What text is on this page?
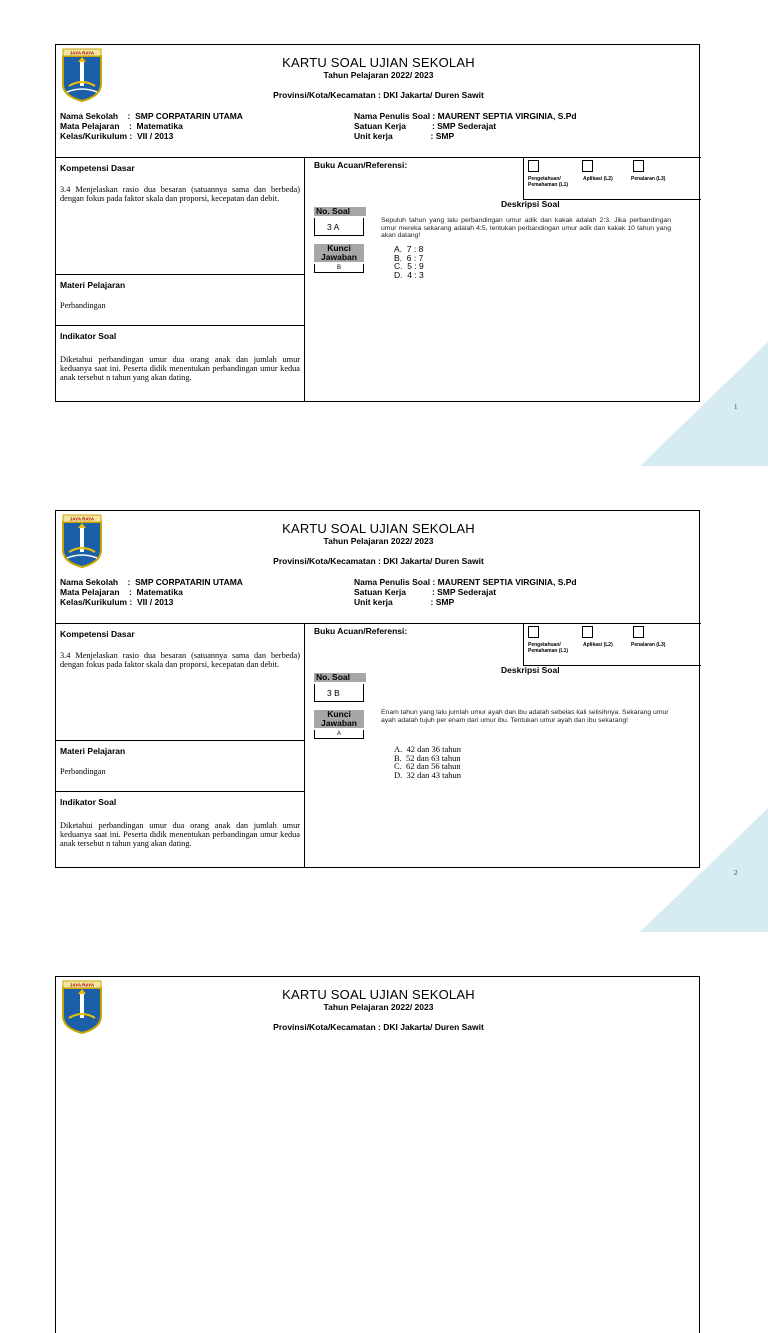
JAYA RAYA
KARTU SOAL UJIAN SEKOLAH
Tahun Pelajaran 2022/ 2023
Provinsi/Kota/Kecamatan : DKI Jakarta/ Duren Sawit
Nama Sekolah    :  SMP CORPATARIN UTAMA
Mata Pelajaran    :  Matematika
Kelas/Kurikulum :  VII / 2013
Nama Penulis Soal : MAURENT SEPTIA VIRGINIA, S.Pd
Satuan Kerja           : SMP Sederajat
Unit kerja                : SMP
Kompetensi Dasar
3.4 Menjelaskan rasio dua besaran (satuannya sama dan berbeda) dengan fokus pada faktor skala dan proporsi, kecepatan dan debit.
Materi Pelajaran
Perbandingan
Indikator Soal
Diketahui perbandingan umur dua orang anak dan jumlah umur keduanya saat ini. Peserta didik menentukan perbandingan umur kedua anak tersebut n tahun yang akan dating.
Buku Acuan/Referensi:
Pengetahuan/ Pemahaman (L1)
Aplikasi (L2)	Penalaran (L3)
Deskripsi Soal
No. Soal
3 A
Kunci Jawaban
B
Sepuluh tahun yang lalu perbandingan umur adik dan kakak adalah 2:3. Jika perbandingan umur mereka sekarang adalah 4:5, tentukan perbandingan umur adik dan kakak 10 tahun yang akan datang!
A.  7 : 8
B.  6 : 7
C.  5 : 9
D.  4 : 3
1
JAYA RAYA
KARTU SOAL UJIAN SEKOLAH
Tahun Pelajaran 2022/ 2023
Provinsi/Kota/Kecamatan : DKI Jakarta/ Duren Sawit
Nama Sekolah    :  SMP CORPATARIN UTAMA
Mata Pelajaran    :  Matematika
Kelas/Kurikulum :  VII / 2013
Nama Penulis Soal : MAURENT SEPTIA VIRGINIA, S.Pd
Satuan Kerja           : SMP Sederajat
Unit kerja                : SMP
Kompetensi Dasar
3.4 Menjelaskan rasio dua besaran (satuannya sama dan berbeda) dengan fokus pada faktor skala dan proporsi, kecepatan dan debit.
Materi Pelajaran
Perbandingan
Indikator Soal
Diketahui perbandingan umur dua orang anak dan jumlah umur keduanya saat ini. Peserta didik menentukan perbandingan umur kedua anak tersebut n tahun yang akan dating.
Buku Acuan/Referensi:
Pengetahuan/ Pemahaman (L1)
Aplikasi (L2)	Penalaran (L3)
Deskripsi Soal
No. Soal
3 B
Kunci Jawaban
A
Enam tahun yang lalu jumlah umur ayah dan ibu adalah sebelas kali selisihnya. Sekarang umur ayah adalah tujuh per enam dari umur ibu. Tentukan umur ayah dan ibu sekarang!
A.  42 dan 36 tahun
B.  52 dan 63 tahun
C.  62 dan 56 tahun
D.  32 dan 43 tahun
2
JAYA RAYA
KARTU SOAL UJIAN SEKOLAH
Tahun Pelajaran 2022/ 2023
Provinsi/Kota/Kecamatan : DKI Jakarta/ Duren Sawit
